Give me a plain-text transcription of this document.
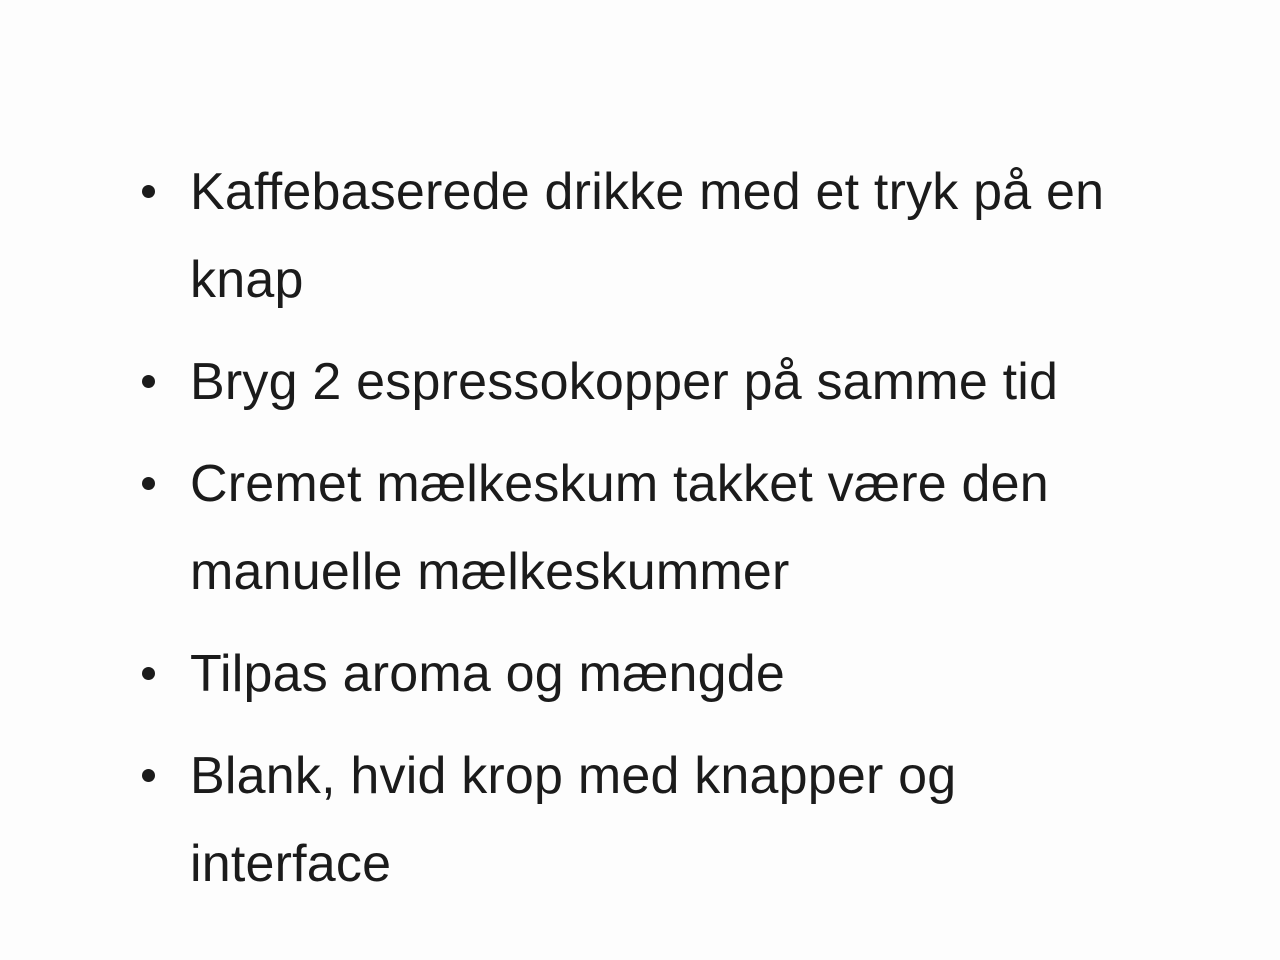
Kaffebaserede drikke med et tryk på en knap
Bryg 2 espressokopper på samme tid
Cremet mælkeskum takket være den manuelle mælkeskummer
Tilpas aroma og mængde
Blank, hvid krop med knapper og interface
